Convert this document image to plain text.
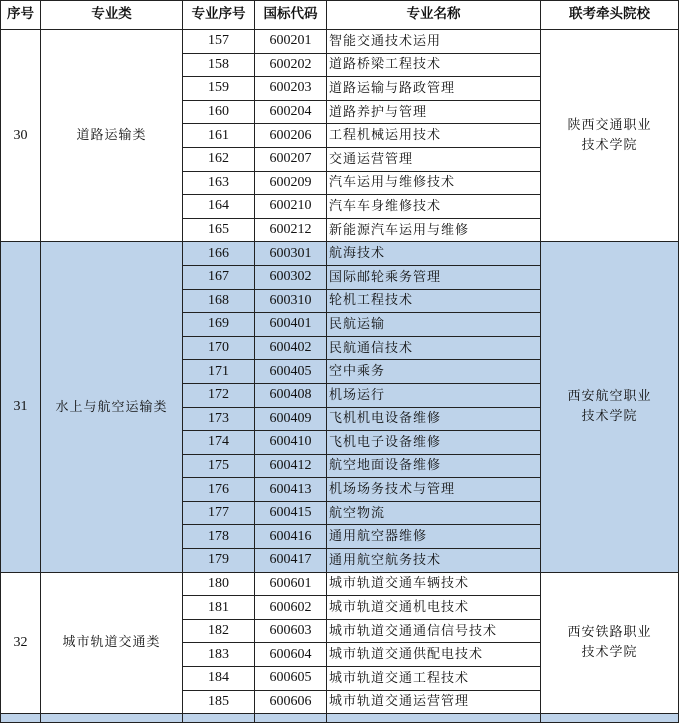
序号	专业类	专业序号	国标代码	专业名称	联考牵头院校
30	道路运输类	157	600201	智能交通技术运用	陕西交通职业
技术学院

		158	600202	道路桥梁工程技术	
		159	600203	道路运输与路政管理	
		160	600204	道路养护与管理	
		161	600206	工程机械运用技术	
		162	600207	交通运营管理	
		163	600209	汽车运用与维修技术	
		164	600210	汽车车身维修技术	
		165	600212	新能源汽车运用与维修	
31	水上与航空运输类	166	600301	航海技术	西安航空职业
技术学院

		167	600302	国际邮轮乘务管理	
		168	600310	轮机工程技术	
		169	600401	民航运输	
		170	600402	民航通信技术	
		171	600405	空中乘务	
		172	600408	机场运行	
		173	600409	飞机机电设备维修	
		174	600410	飞机电子设备维修	
		175	600412	航空地面设备维修	
		176	600413	机场场务技术与管理	
		177	600415	航空物流	
		178	600416	通用航空器维修	
		179	600417	通用航空航务技术	
32	城市轨道交通类	180	600601	城市轨道交通车辆技术	西安铁路职业
技术学院

		181	600602	城市轨道交通机电技术	
		182	600603	城市轨道交通通信信号技术	
		183	600604	城市轨道交通供配电技术	
		184	600605	城市轨道交通工程技术	
		185	600606	城市轨道交通运营管理	
